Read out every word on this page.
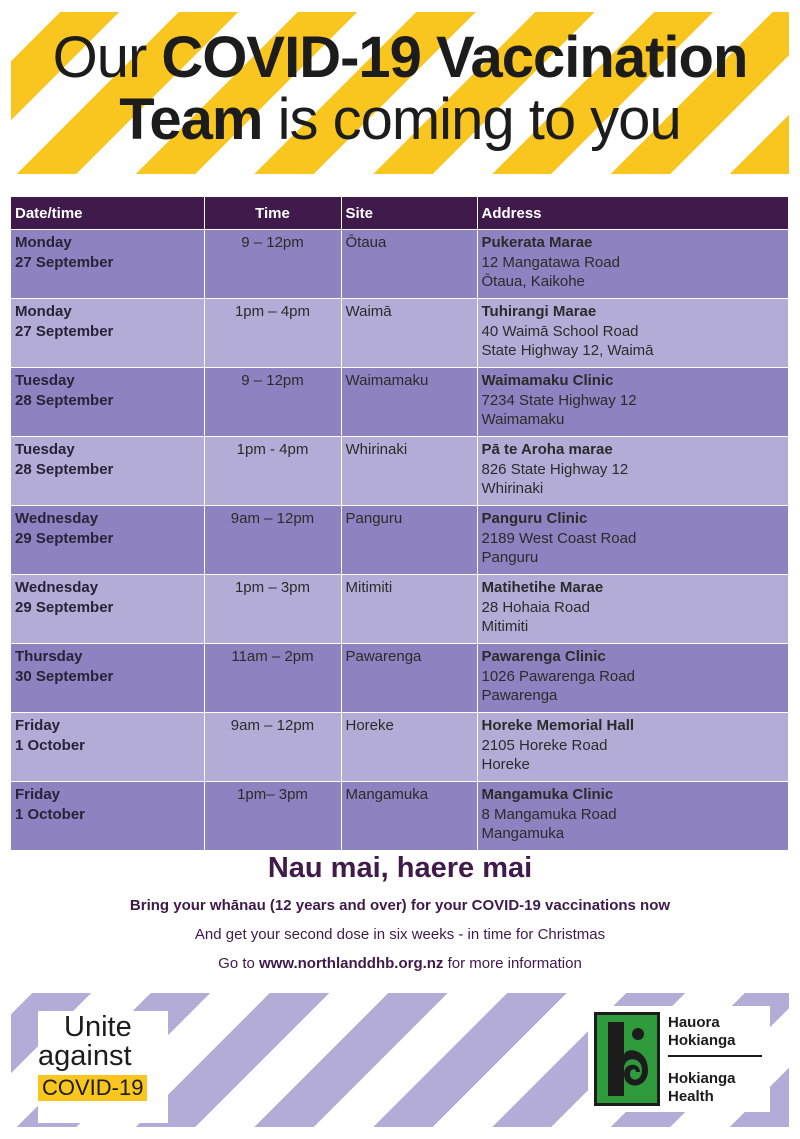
Our COVID-19 Vaccination
Team is coming to you
Date/time	Time	Site	Address

Monday
27 September	9 – 12pm	Ōtaua	Pukerata Marae
12 Mangatawa Road
Ōtaua, Kaikohe

Monday
27 September	1pm – 4pm	Waimā	Tuhirangi Marae
40 Waimā School Road
State Highway 12, Waimā

Tuesday
28 September	9 – 12pm	Waimamaku	Waimamaku Clinic
7234 State Highway 12
Waimamaku

Tuesday
28 September	1pm - 4pm	Whirinaki	Pā te Aroha marae
826 State Highway 12
Whirinaki

Wednesday
29 September	9am – 12pm	Panguru	Panguru Clinic
2189 West Coast Road
Panguru

Wednesday
29 September	1pm – 3pm	Mitimiti	Matihetihe Marae
28 Hohaia Road
Mitimiti

Thursday
30 September	11am – 2pm	Pawarenga	Pawarenga Clinic
1026 Pawarenga Road
Pawarenga

Friday
1 October	9am – 12pm	Horeke	Horeke Memorial Hall
2105 Horeke Road
Horeke

Friday
1 October	1pm– 3pm	Mangamuka	Mangamuka Clinic
8 Mangamuka Road
Mangamuka
Nau mai, haere mai
Bring your whānau (12 years and over) for your COVID-19 vaccinations now
And get your second dose in six weeks - in time for Christmas
Go to www.northlanddhb.org.nz for more information
Unite
against
COVID-19
Hauora
Hokianga
Hokianga
Health
